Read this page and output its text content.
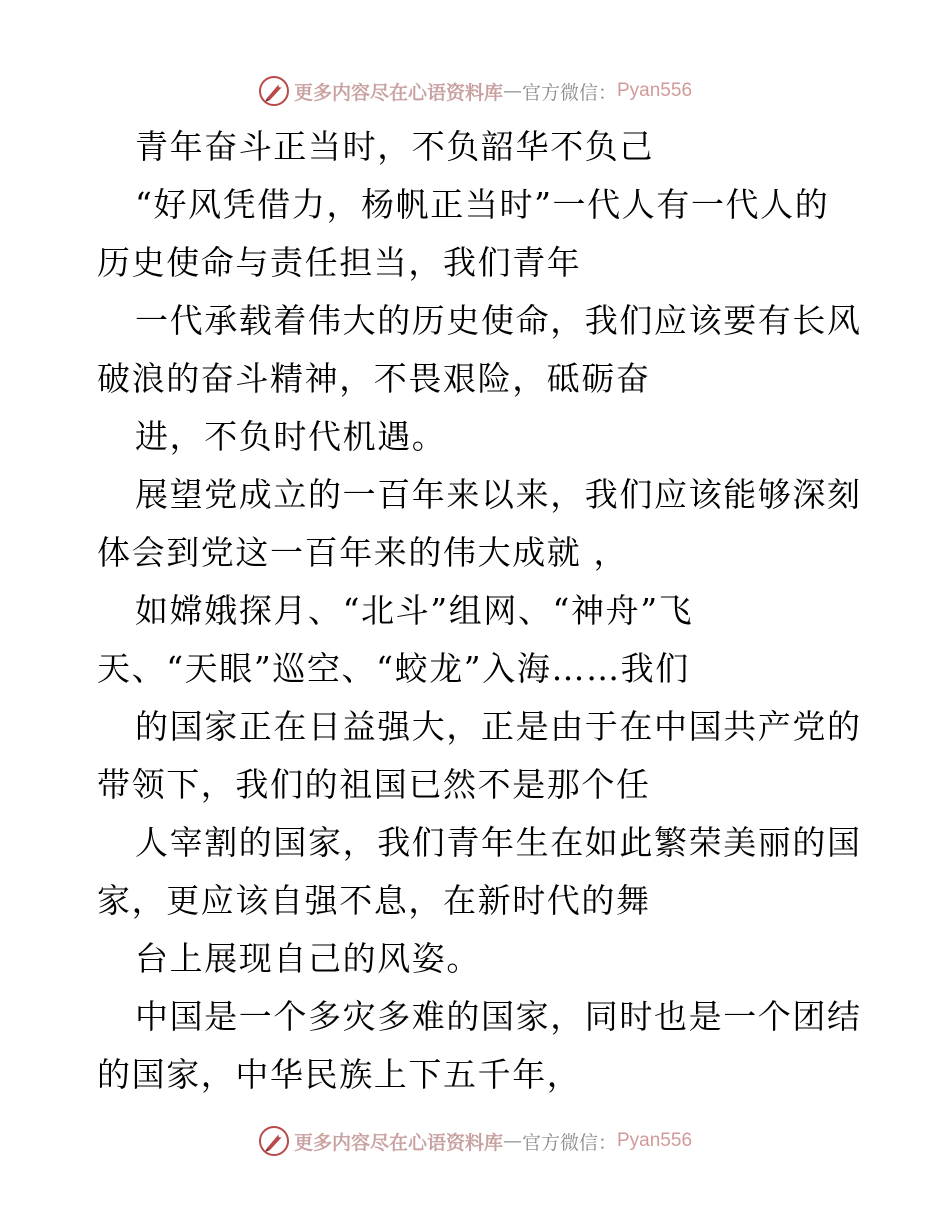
更多内容尽在心语资料库 — 官方微信： Pyan556
青年奋斗正当时，不负韶华不负己
“好风凭借力，杨帆正当时”一代人有一代人的
历史使命与责任担当，我们青年
一代承载着伟大的历史使命，我们应该要有长风
破浪的奋斗精神，不畏艰险，砥砺奋
进，不负时代机遇。
展望党成立的一百年来以来，我们应该能够深刻
体会到党这一百年来的伟大成就 ，
如嫦娥探月、“北斗”组网、“神舟”飞
天、“天眼”巡空、“蛟龙”入海……我们
的国家正在日益强大，正是由于在中国共产党的
带领下，我们的祖国已然不是那个任
人宰割的国家，我们青年生在如此繁荣美丽的国
家，更应该自强不息，在新时代的舞
台上展现自己的风姿。
中国是一个多灾多难的国家，同时也是一个团结
的国家，中华民族上下五千年，
更多内容尽在心语资料库 — 官方微信： Pyan556
